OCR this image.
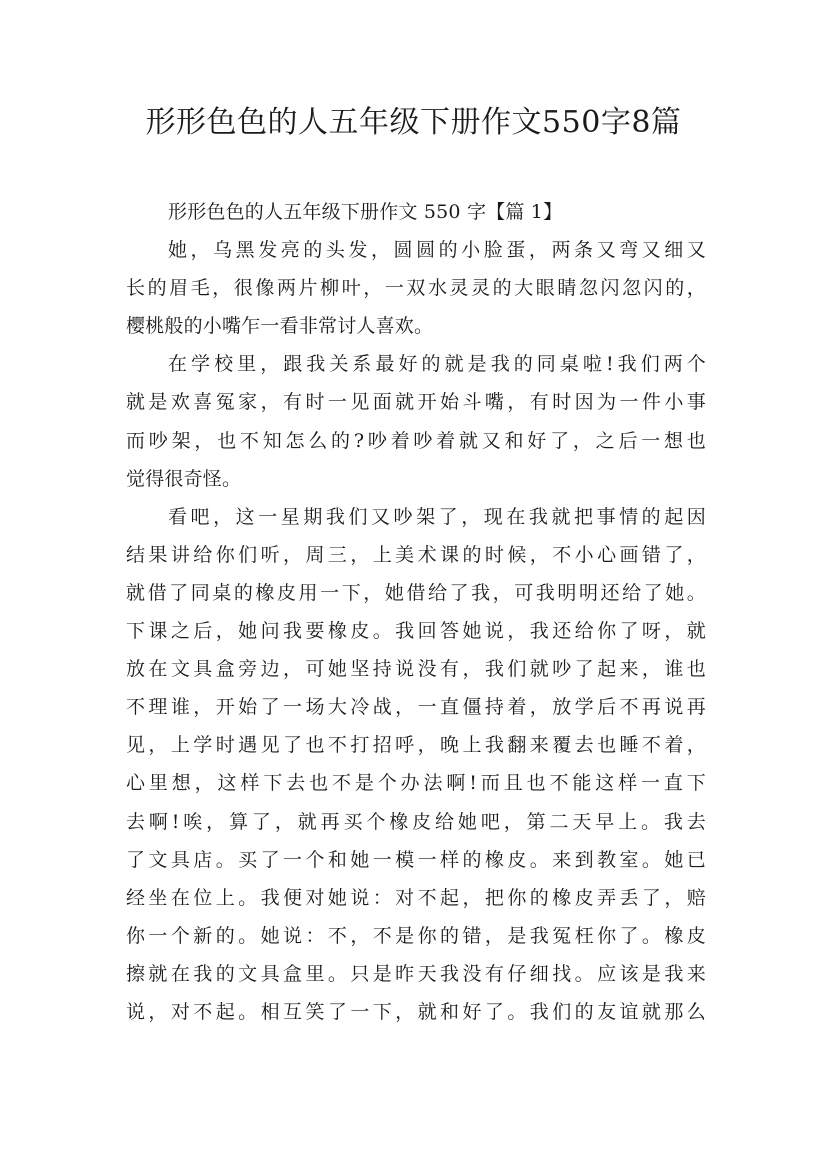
形形色色的人五年级下册作文550字8篇
形形色色的人五年级下册作文 550 字【篇 1】
她，乌黑发亮的头发，圆圆的小脸蛋，两条又弯又细又
长的眉毛，很像两片柳叶，一双水灵灵的大眼睛忽闪忽闪的，
樱桃般的小嘴乍一看非常讨人喜欢。
在学校里，跟我关系最好的就是我的同桌啦!我们两个
就是欢喜冤家，有时一见面就开始斗嘴，有时因为一件小事
而吵架，也不知怎么的?吵着吵着就又和好了，之后一想也
觉得很奇怪。
看吧，这一星期我们又吵架了，现在我就把事情的起因
结果讲给你们听，周三，上美术课的时候，不小心画错了，
就借了同桌的橡皮用一下，她借给了我，可我明明还给了她。
下课之后，她问我要橡皮。我回答她说，我还给你了呀，就
放在文具盒旁边，可她坚持说没有，我们就吵了起来，谁也
不理谁，开始了一场大冷战，一直僵持着，放学后不再说再
见，上学时遇见了也不打招呼，晚上我翻来覆去也睡不着，
心里想，这样下去也不是个办法啊!而且也不能这样一直下
去啊!唉，算了，就再买个橡皮给她吧，第二天早上。我去
了文具店。买了一个和她一模一样的橡皮。来到教室。她已
经坐在位上。我便对她说：对不起，把你的橡皮弄丢了，赔
你一个新的。她说：不，不是你的错，是我冤枉你了。橡皮
擦就在我的文具盒里。只是昨天我没有仔细找。应该是我来
说，对不起。相互笑了一下，就和好了。我们的友谊就那么
